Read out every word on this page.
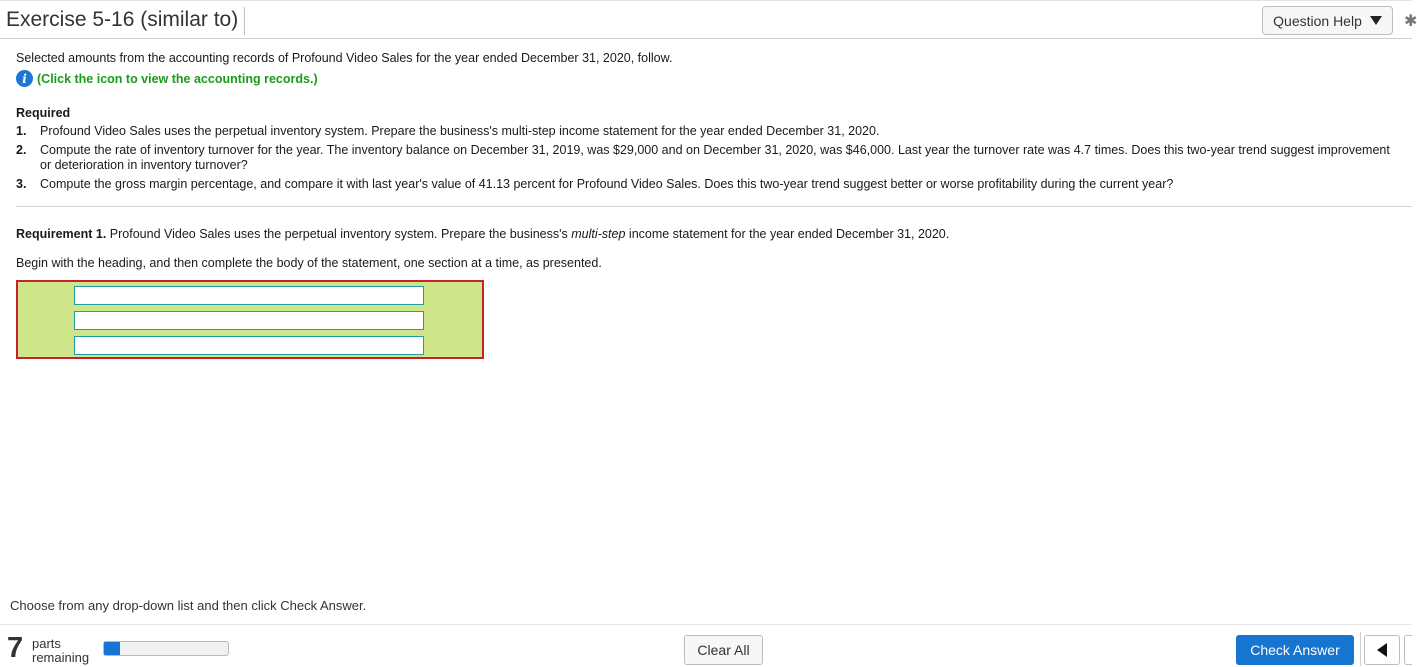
Exercise 5-16 (similar to)	Question Help	✱
Selected amounts from the accounting records of Profound Video Sales for the year ended December 31, 2020, follow.
i (Click the icon to view the accounting records.)
Required
1.	Profound Video Sales uses the perpetual inventory system. Prepare the business's multi-step income statement for the year ended December 31, 2020.
2.	Compute the rate of inventory turnover for the year. The inventory balance on December 31, 2019, was $29,000 and on December 31, 2020, was $46,000. Last year the turnover rate was 4.7 times. Does this two-year trend suggest improvement or deterioration in inventory turnover?
3.	Compute the gross margin percentage, and compare it with last year's value of 41.13 percent for Profound Video Sales. Does this two-year trend suggest better or worse profitability during the current year?
Requirement 1. Profound Video Sales uses the perpetual inventory system. Prepare the business's multi-step income statement for the year ended December 31, 2020.
Begin with the heading, and then complete the body of the statement, one section at a time, as presented.
Choose from any drop-down list and then click Check Answer.
7 parts
remaining	Clear All	Check Answer
